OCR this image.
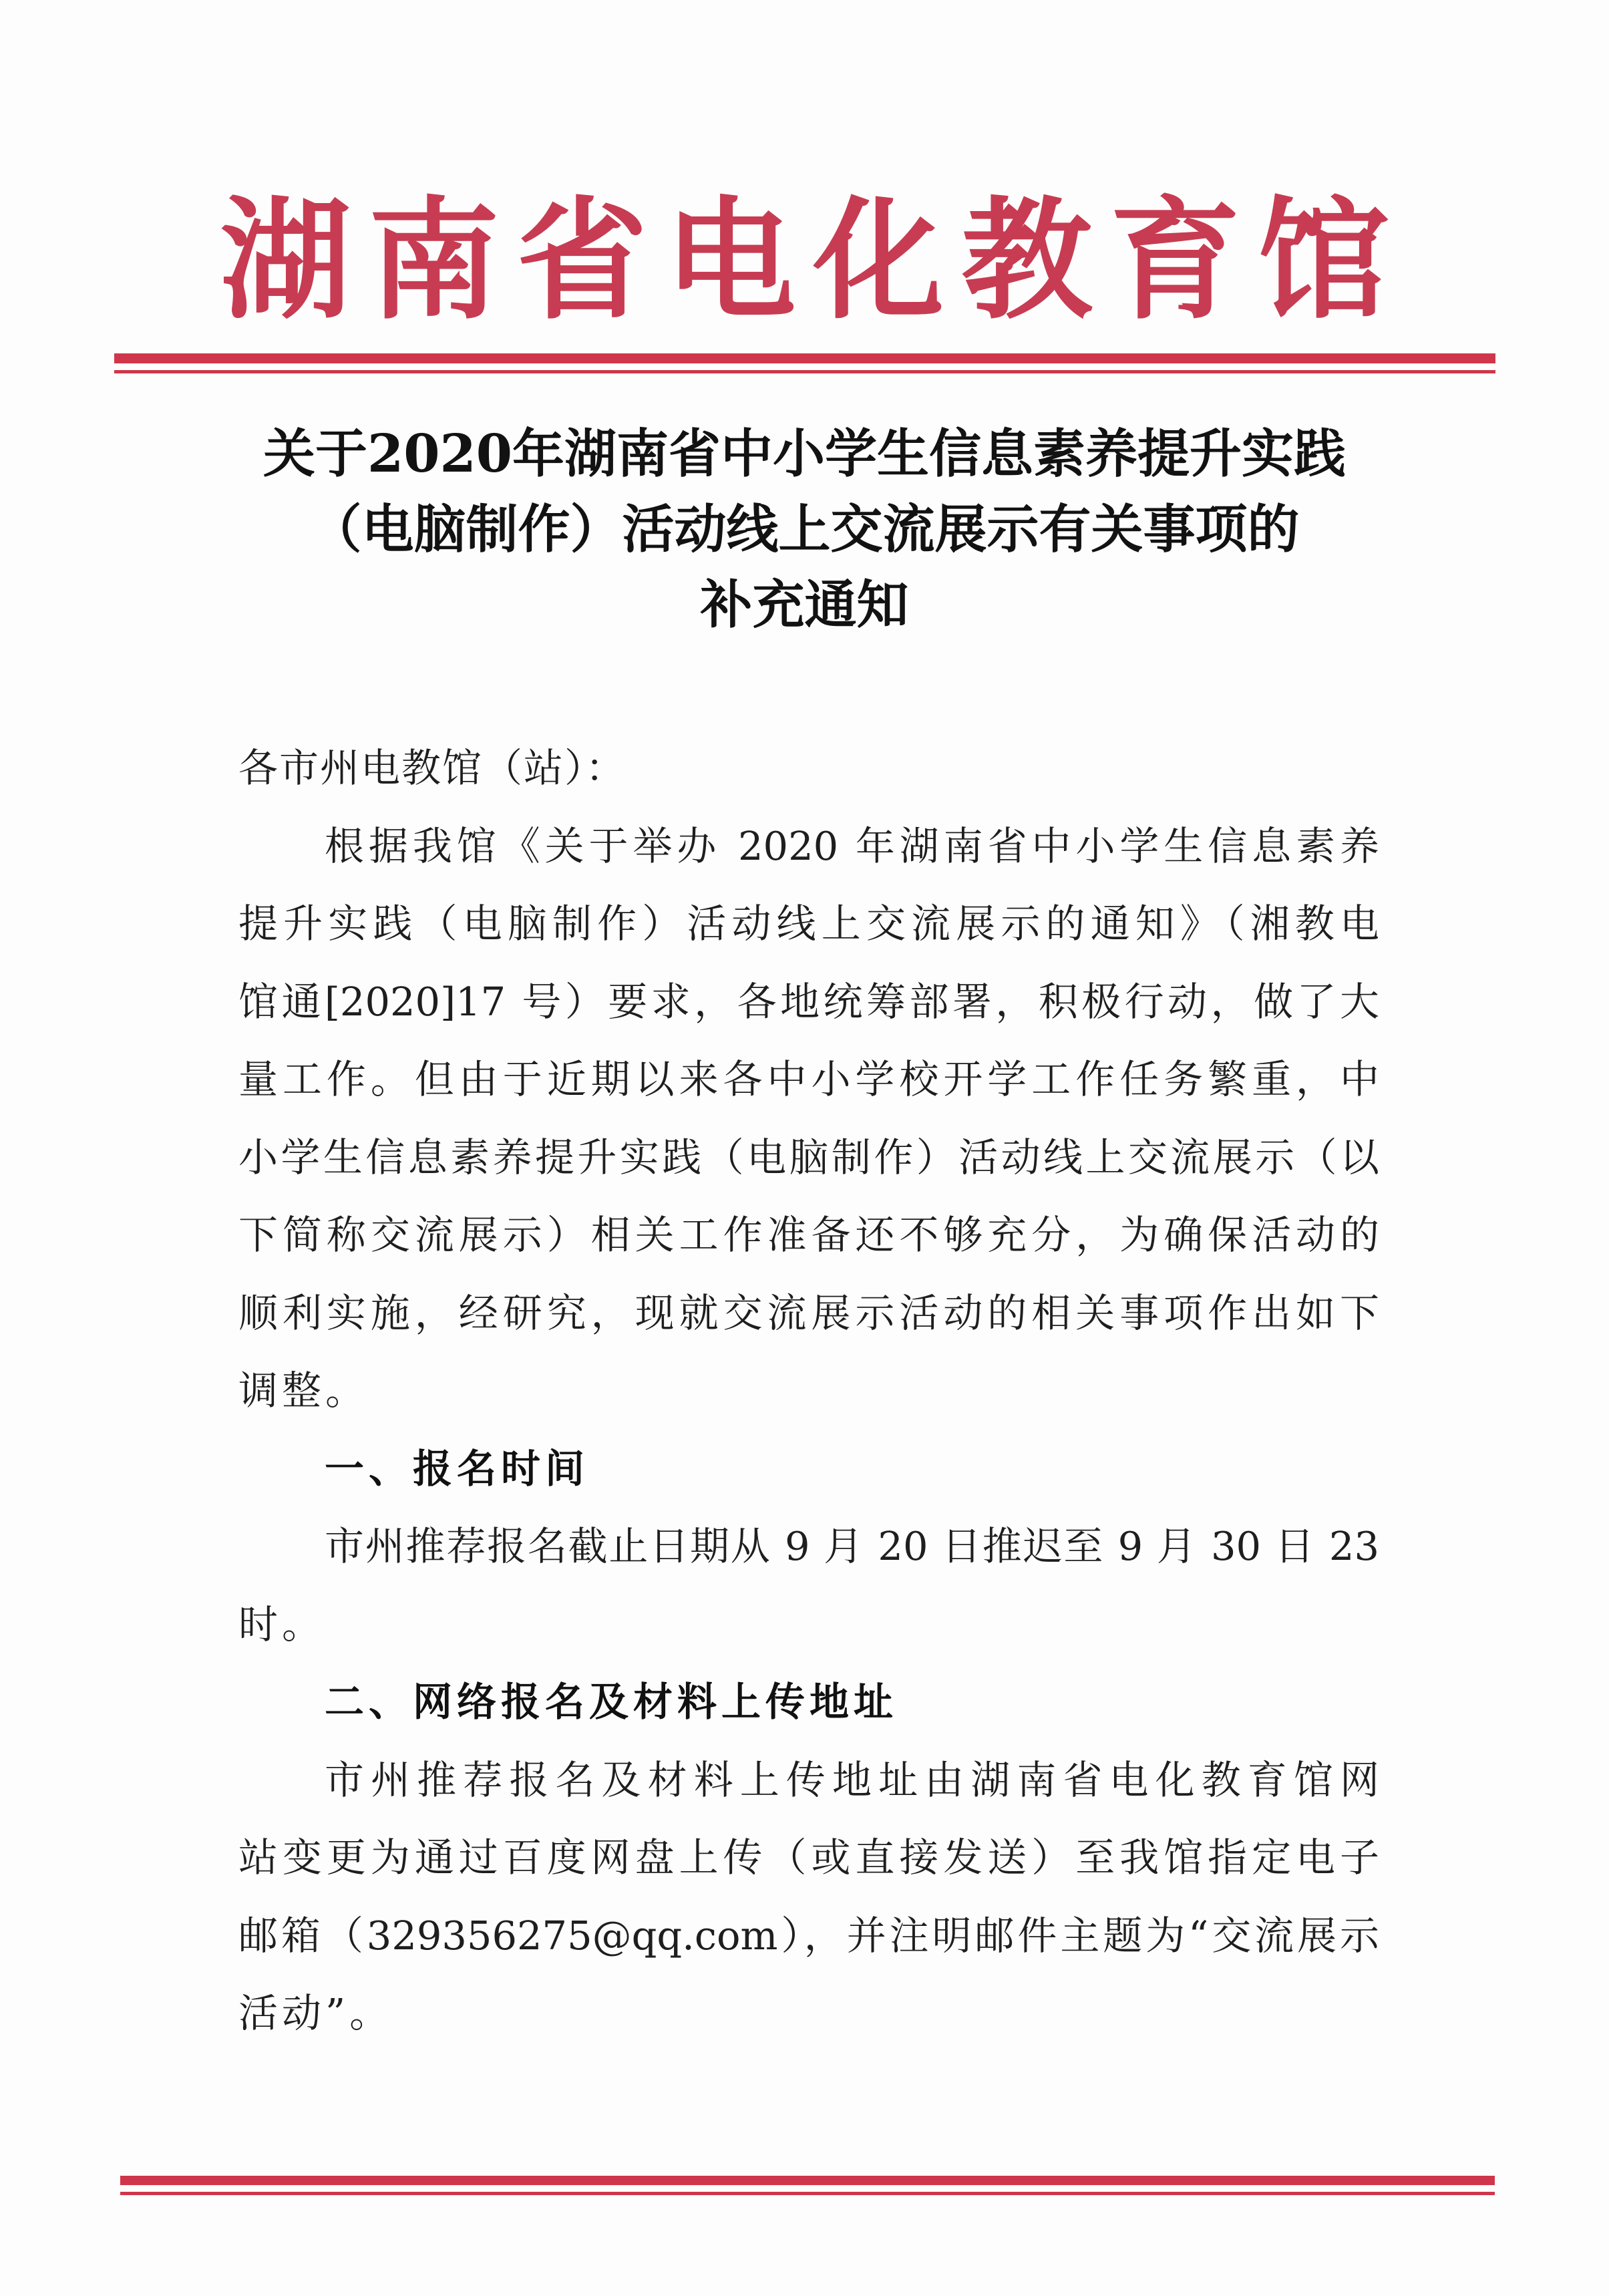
湖南省电化教育馆
关于2020年湖南省中小学生信息素养提升实践
（电脑制作）活动线上交流展示有关事项的
补充通知
各市州电教馆（站）：
根据我馆《关于举办 2020 年湖南省中小学生信息素养
提升实践（电脑制作）活动线上交流展示的通知》（湘教电
馆通[2020]17 号）要求，各地统筹部署，积极行动，做了大
量工作。但由于近期以来各中小学校开学工作任务繁重，中
小学生信息素养提升实践（电脑制作）活动线上交流展示（以
下简称交流展示）相关工作准备还不够充分，为确保活动的
顺利实施，经研究，现就交流展示活动的相关事项作出如下
调整。
一、报名时间
市州推荐报名截止日期从 9 月 20 日推迟至 9 月 30 日 23
时。
二、网络报名及材料上传地址
市州推荐报名及材料上传地址由湖南省电化教育馆网
站变更为通过百度网盘上传（或直接发送）至我馆指定电子
邮箱（329356275@qq.com），并注明邮件主题为“交流展示
活动”。
